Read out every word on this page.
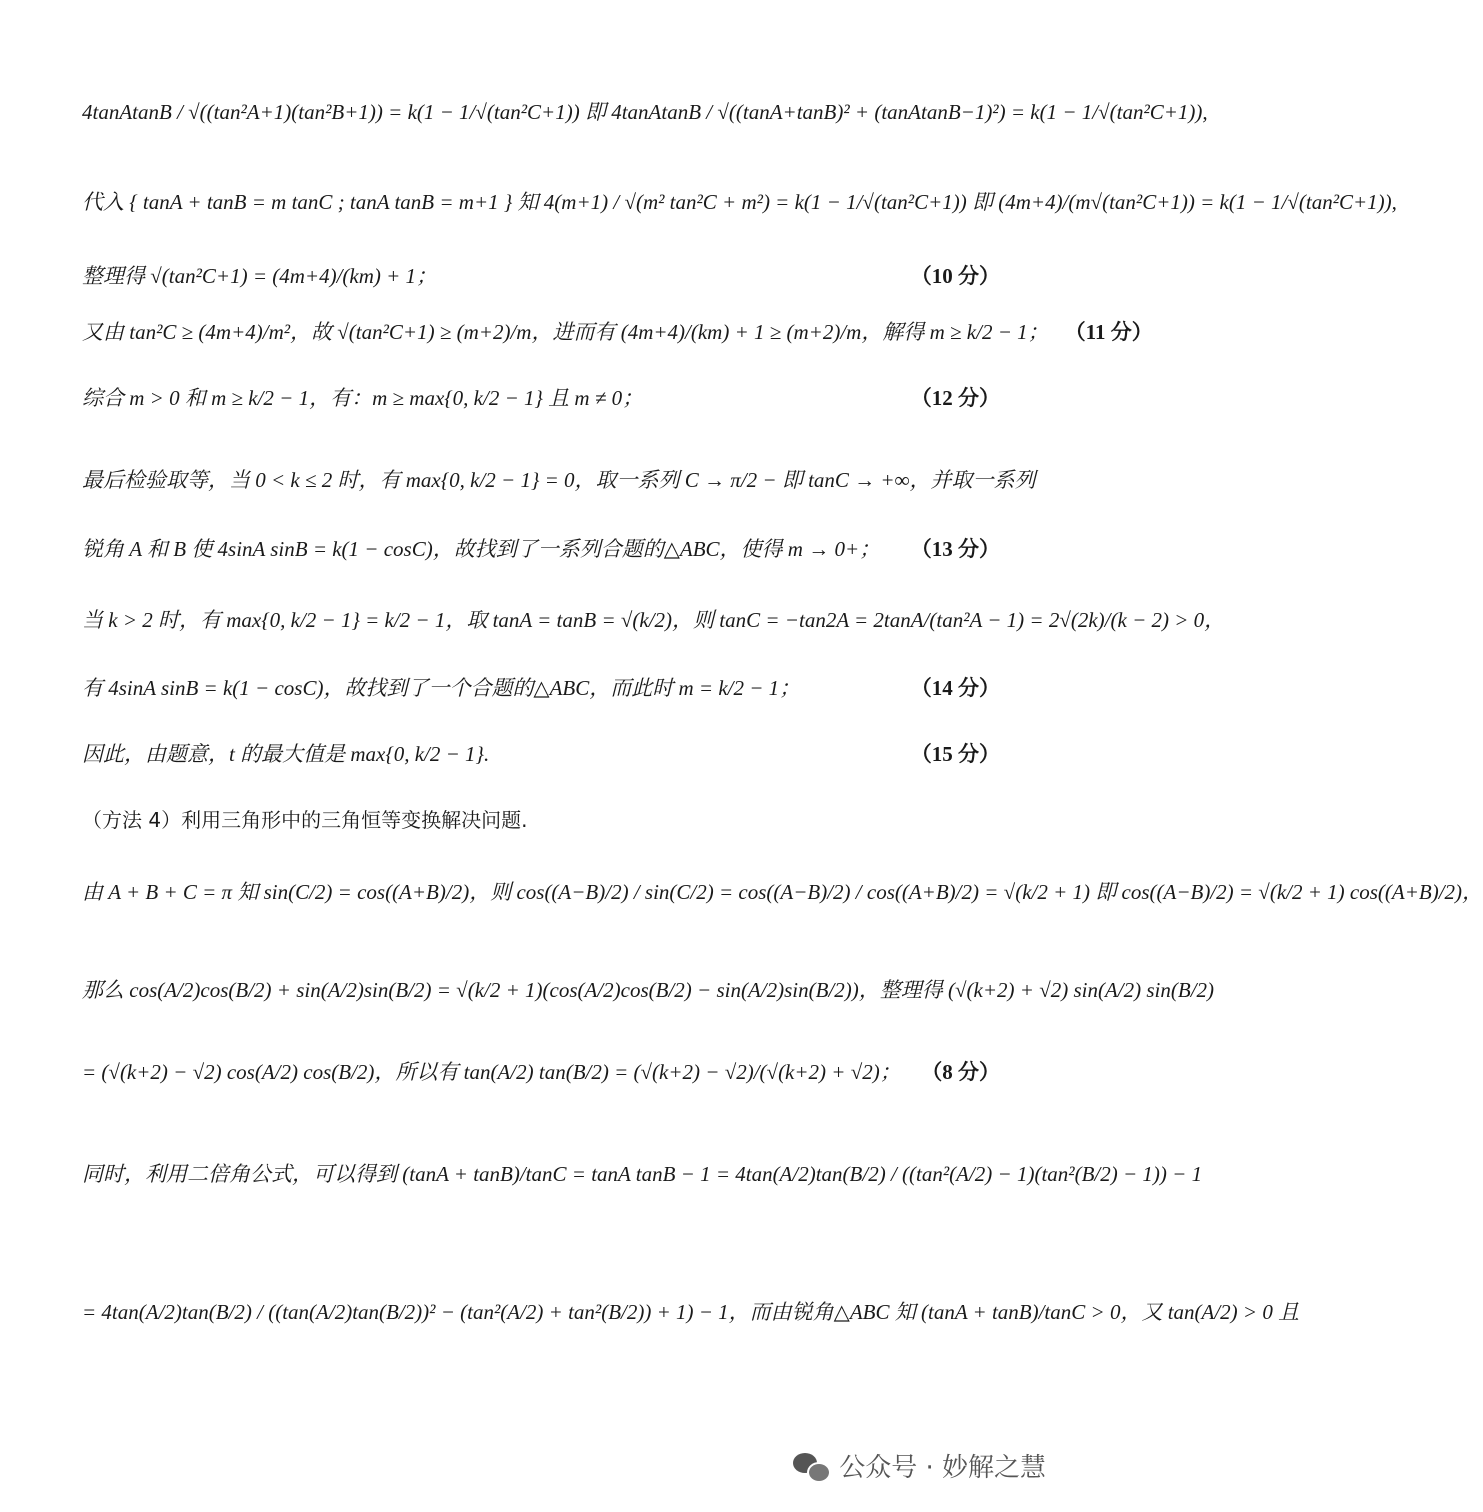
4tanAtanB / √((tan²A+1)(tan²B+1)) = k(1 − 1/√(tan²C+1)) 即 4tanAtanB / √((tanA+tanB)² + (tanAtanB−1)²) = k(1 − 1/√(tan²C+1)),
代入 { tanA + tanB = m tanC ; tanA tanB = m+1 } 知 4(m+1) / √(m² tan²C + m²) = k(1 − 1/√(tan²C+1)) 即 (4m+4)/(m√(tan²C+1)) = k(1 − 1/√(tan²C+1)),
整理得 √(tan²C+1) = (4m+4)/(km) + 1；	（10 分）
又由 tan²C ≥ (4m+4)/m²，故 √(tan²C+1) ≥ (m+2)/m，进而有 (4m+4)/(km) + 1 ≥ (m+2)/m，解得 m ≥ k/2 − 1； （11 分）
综合 m > 0 和 m ≥ k/2 − 1，有：m ≥ max{0, k/2 − 1} 且 m ≠ 0；	（12 分）
最后检验取等，当 0 < k ≤ 2 时，有 max{0, k/2 − 1} = 0，取一系列 C → π/2 − 即 tanC → +∞，并取一系列
锐角 A 和 B 使 4sinA sinB = k(1 − cosC)，故找到了一系列合题的△ABC，使得 m → 0+；	（13 分）
当 k > 2 时，有 max{0, k/2 − 1} = k/2 − 1，取 tanA = tanB = √(k/2)，则 tanC = −tan2A = 2tanA/(tan²A − 1) = 2√(2k)/(k − 2) > 0，
有 4sinA sinB = k(1 − cosC)，故找到了一个合题的△ABC，而此时 m = k/2 − 1；	（14 分）
因此，由题意，t 的最大值是 max{0, k/2 − 1}.	（15 分）
（方法 4）利用三角形中的三角恒等变换解决问题.
由 A + B + C = π 知 sin(C/2) = cos((A+B)/2)，则 cos((A−B)/2) / sin(C/2) = cos((A−B)/2) / cos((A+B)/2) = √(k/2 + 1) 即 cos((A−B)/2) = √(k/2 + 1) cos((A+B)/2)，
那么 cos(A/2)cos(B/2) + sin(A/2)sin(B/2) = √(k/2 + 1)(cos(A/2)cos(B/2) − sin(A/2)sin(B/2))，整理得 (√(k+2) + √2) sin(A/2) sin(B/2)
= (√(k+2) − √2) cos(A/2) cos(B/2)，所以有 tan(A/2) tan(B/2) = (√(k+2) − √2)/(√(k+2) + √2)； （8 分）
同时，利用二倍角公式，可以得到 (tanA + tanB)/tanC = tanA tanB − 1 = 4tan(A/2)tan(B/2) / ((tan²(A/2) − 1)(tan²(B/2) − 1)) − 1
= 4tan(A/2)tan(B/2) / ((tan(A/2)tan(B/2))² − (tan²(A/2) + tan²(B/2)) + 1) − 1，而由锐角△ABC 知 (tanA + tanB)/tanC > 0，又 tan(A/2) > 0 且
公众号 · 妙解之慧
